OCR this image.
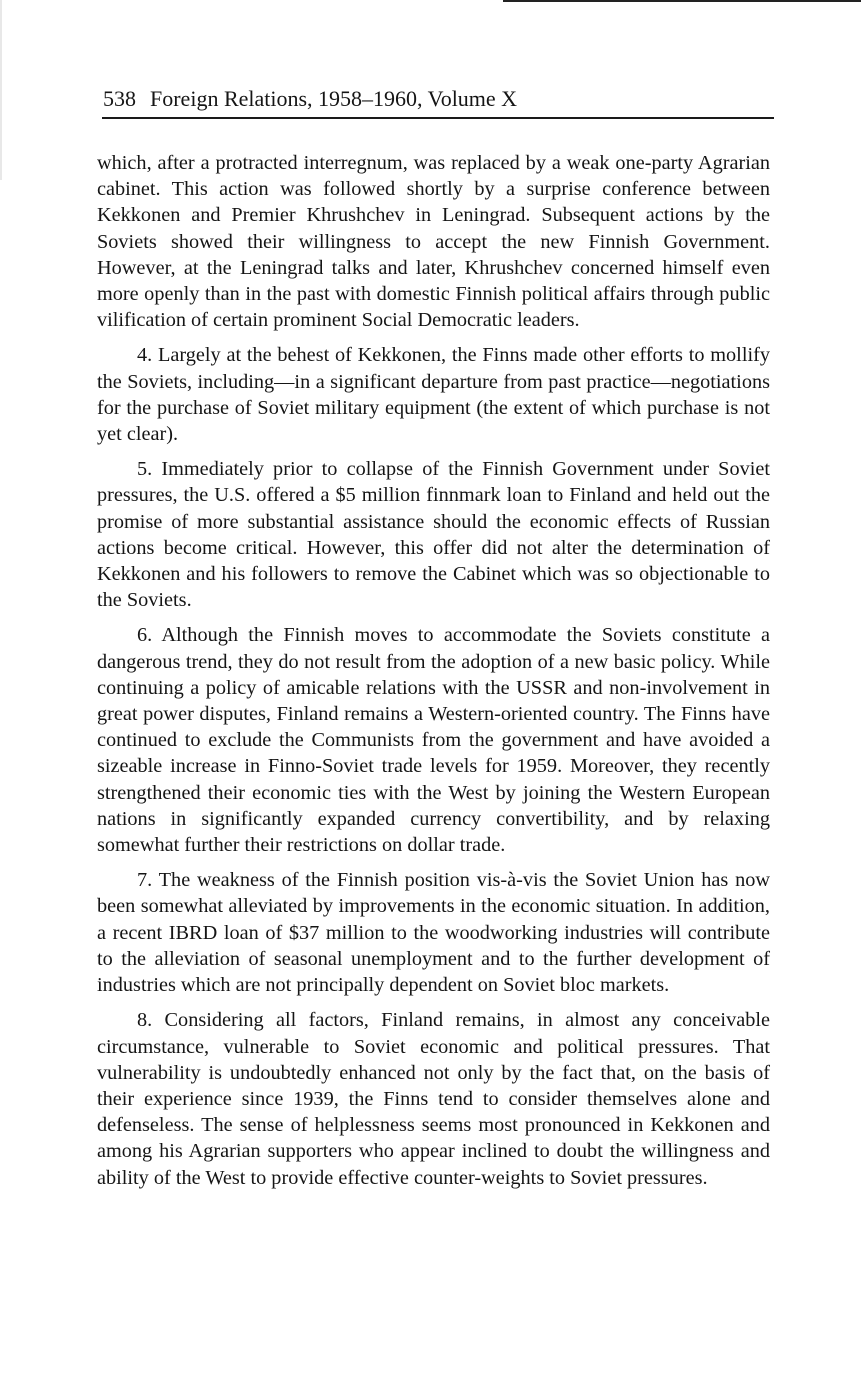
538 Foreign Relations, 1958–1960, Volume X

which, after a protracted interregnum, was replaced by a weak one-party Agrarian cabinet. This action was followed shortly by a surprise conference between Kekkonen and Premier Khrushchev in Leningrad. Subsequent actions by the Soviets showed their willingness to accept the new Finnish Government. However, at the Leningrad talks and later, Khrushchev concerned himself even more openly than in the past with domestic Finnish political affairs through public vilification of certain prominent Social Democratic leaders.

4. Largely at the behest of Kekkonen, the Finns made other efforts to mollify the Soviets, including—in a significant departure from past practice—negotiations for the purchase of Soviet military equipment (the extent of which purchase is not yet clear).

5. Immediately prior to collapse of the Finnish Government under Soviet pressures, the U.S. offered a $5 million finnmark loan to Finland and held out the promise of more substantial assistance should the economic effects of Russian actions become critical. However, this offer did not alter the determination of Kekkonen and his followers to remove the Cabinet which was so objectionable to the Soviets.

6. Although the Finnish moves to accommodate the Soviets constitute a dangerous trend, they do not result from the adoption of a new basic policy. While continuing a policy of amicable relations with the USSR and non-involvement in great power disputes, Finland remains a Western-oriented country. The Finns have continued to exclude the Communists from the government and have avoided a sizeable increase in Finno-Soviet trade levels for 1959. Moreover, they recently strengthened their economic ties with the West by joining the Western European nations in significantly expanded currency convertibility, and by relaxing somewhat further their restrictions on dollar trade.

7. The weakness of the Finnish position vis-à-vis the Soviet Union has now been somewhat alleviated by improvements in the economic situation. In addition, a recent IBRD loan of $37 million to the woodworking industries will contribute to the alleviation of seasonal unemployment and to the further development of industries which are not principally dependent on Soviet bloc markets.

8. Considering all factors, Finland remains, in almost any conceivable circumstance, vulnerable to Soviet economic and political pressures. That vulnerability is undoubtedly enhanced not only by the fact that, on the basis of their experience since 1939, the Finns tend to consider themselves alone and defenseless. The sense of helplessness seems most pronounced in Kekkonen and among his Agrarian supporters who appear inclined to doubt the willingness and ability of the West to provide effective counter-weights to Soviet pressures.
